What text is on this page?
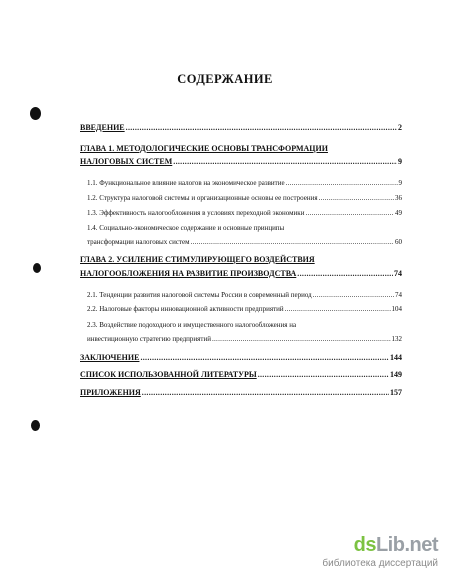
СОДЕРЖАНИЕ
ВВЕДЕНИЕ .....	2
ГЛАВА 1. МЕТОДОЛОГИЧЕСКИЕ ОСНОВЫ ТРАНСФОРМАЦИИ
НАЛОГОВЫХ СИСТЕМ .....	9
1.1. Функциональное влияние налогов на экономическое развитие .....	9
1.2. Структура налоговой системы и организационные основы ее построения .....	36
1.3. Эффективность налогообложения в условиях переходной экономики .....	49
1.4. Социально-экономическое содержание и основные принципы
трансформации налоговых систем .....	60
ГЛАВА 2. УСИЛЕНИЕ СТИМУЛИРУЮЩЕГО ВОЗДЕЙСТВИЯ
НАЛОГООБЛОЖЕНИЯ НА РАЗВИТИЕ ПРОИЗВОДСТВА .....	74
2.1. Тенденции развития налоговой системы России в современный период .....	74
2.2. Налоговые факторы инновационной активности предприятий .....	104
2.3. Воздействие подоходного и имущественного налогообложения на
инвестиционную стратегию предприятий .....	132
ЗАКЛЮЧЕНИЕ .....	144
СПИСОК ИСПОЛЬЗОВАННОЙ ЛИТЕРАТУРЫ .....	149
ПРИЛОЖЕНИЯ .....	157
dsLib.net
библиотека диссертаций
